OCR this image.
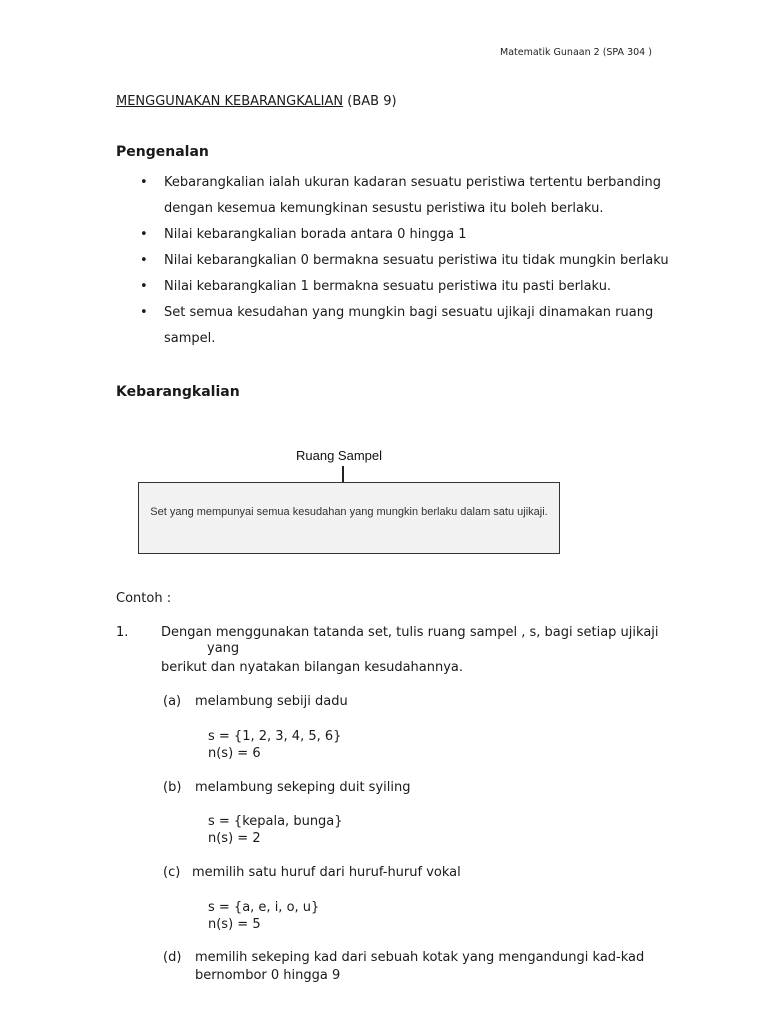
Matematik Gunaan 2 (SPA 304 )
MENGGUNAKAN KEBARANGKALIAN (BAB 9)
Pengenalan
• Kebarangkalian ialah ukuran kadaran sesuatu peristiwa tertentu berbanding dengan kesemua kemungkinan sesustu peristiwa itu boleh berlaku.
• Nilai kebarangkalian borada antara 0 hingga 1
• Nilai kebarangkalian 0 bermakna sesuatu peristiwa itu tidak mungkin berlaku
• Nilai kebarangkalian 1 bermakna sesuatu peristiwa itu pasti berlaku.
• Set semua kesudahan yang mungkin bagi sesuatu ujikaji dinamakan ruang sampel.
Kebarangkalian
Ruang Sampel
Set yang mempunyai semua kesudahan yang mungkin berlaku dalam satu ujikaji.
Contoh :
1.	Dengan menggunakan tatanda set, tulis ruang sampel , s, bagi setiap ujikaji
yang
berikut dan nyatakan bilangan kesudahannya.
(a) melambung sebiji dadu
s = {1, 2, 3, 4, 5, 6}
n(s) = 6
(b) melambung sekeping duit syiling
s = {kepala, bunga}
n(s) = 2
(c) memilih satu huruf dari huruf-huruf vokal
s = {a, e, i, o, u}
n(s) = 5
(d) memilih sekeping kad dari sebuah kotak yang mengandungi kad-kad
bernombor 0 hingga 9
